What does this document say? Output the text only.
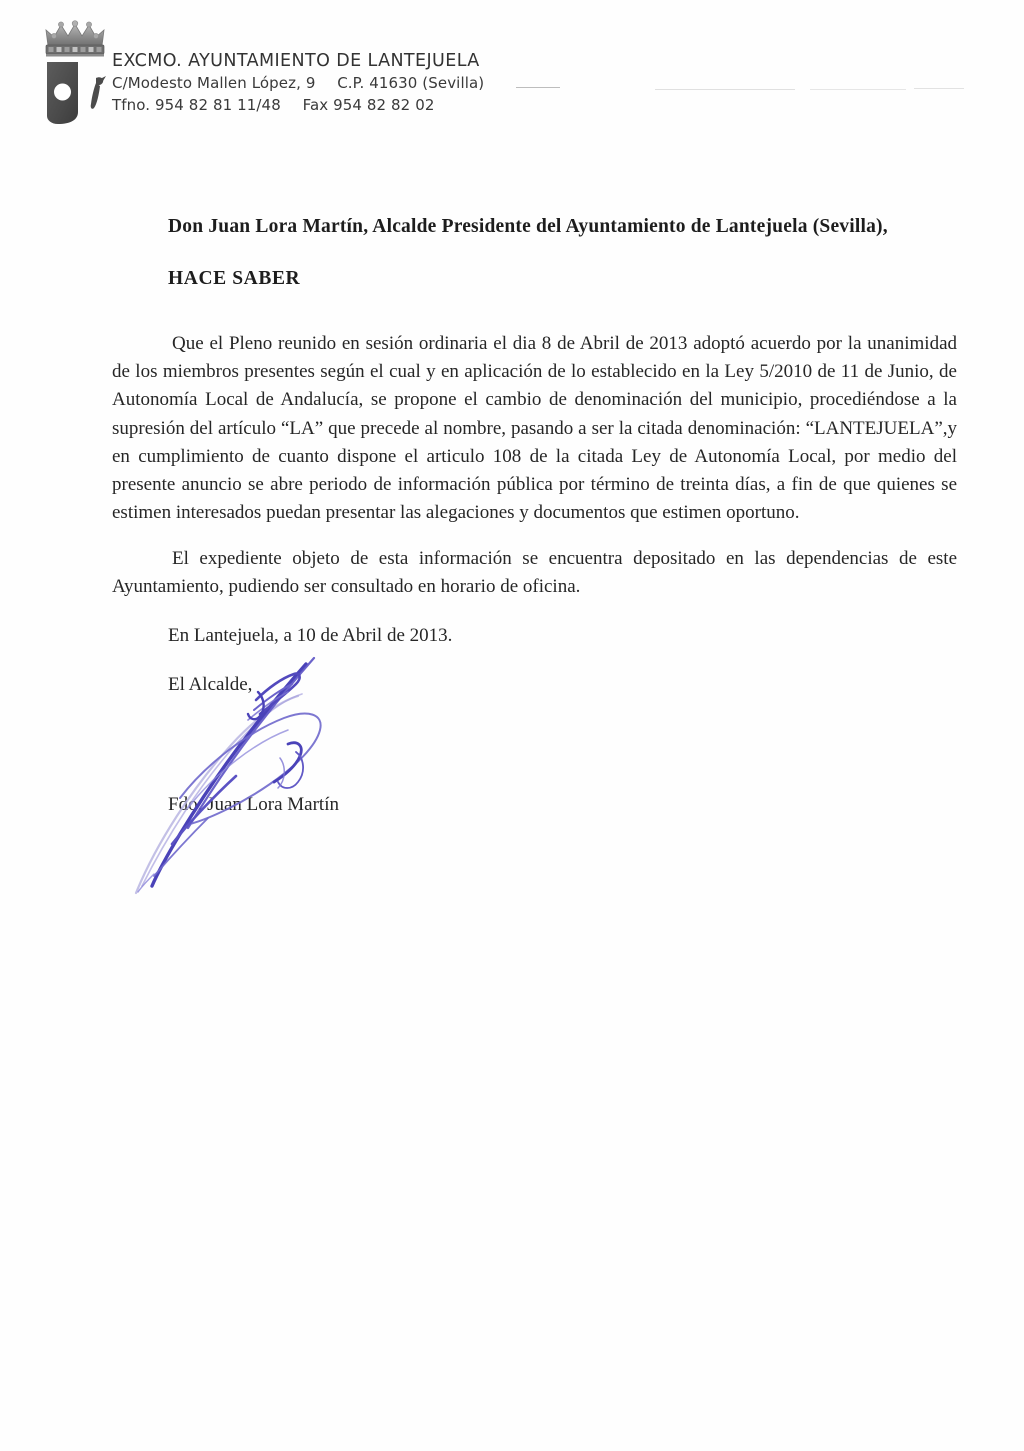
EXCMO. AYUNTAMIENTO DE LANTEJUELA
C/Modesto Mallen López, 9 C.P. 41630 (Sevilla)
Tfno. 954 82 81 11/48 Fax 954 82 82 02
Don Juan Lora Martín, Alcalde Presidente del Ayuntamiento de Lantejuela (Sevilla),
HACE SABER
Que el Pleno reunido en sesión ordinaria el dia 8 de Abril de 2013 adoptó acuerdo por la unanimidad de los miembros presentes según el cual y en aplicación de lo establecido en la Ley 5/2010 de 11 de Junio, de Autonomía Local de Andalucía, se propone el cambio de denominación del municipio, procediéndose a la supresión del artículo “LA” que precede al nombre, pasando a ser la citada denominación: “LANTEJUELA”,y en cumplimiento de cuanto dispone el articulo 108 de la citada Ley de Autonomía Local, por medio del presente anuncio se abre periodo de información pública por término de treinta días, a fin de que quienes se estimen interesados puedan presentar las alegaciones y documentos que estimen oportuno.
El expediente objeto de esta información se encuentra depositado en las dependencias de este Ayuntamiento, pudiendo ser consultado en horario de oficina.
En Lantejuela, a 10 de Abril de 2013.
El Alcalde,
Fdo. Juan Lora Martín
